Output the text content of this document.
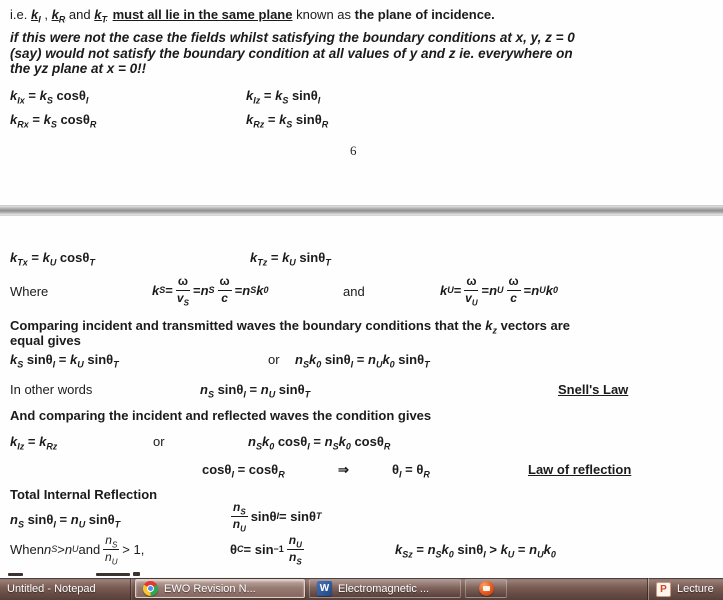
i.e. $k_I$ , $k_R$ and $k_T$ must all lie in the same plane known as the plane of incidence.
if this were not the case the fields whilst satisfying the boundary conditions at x, y, z = 0
(say) would not satisfy the boundary condition at all values of y and z ie. everywhere on
the yz plane at x = 0!!
$k_{Ix} = k_S$ cosθ$_I$	$k_{Iz} = k_S$ sinθ$_I$
$k_{Rx} = k_S$ cosθ$_R$	$k_{Rz} = k_S$ sinθ$_R$
6
$k_{Tx} = k_U$ cosθ$_T$	$k_{Tz} = k_U$ sinθ$_T$
Where	k $S = \frac{\omega}{v_S} = n$ S $\frac{\omega}{c} = n$ S k 0	and	k $U = \frac{\omega}{v_U} = n$ U $\frac{\omega}{c} = n$ U k 0
Comparing incident and transmitted waves the boundary conditions that the $k_z$ vectors are
equal gives
$k_S$ $\sin\theta_I = k_U$ sinθ$_T$	or $n_Sk_0$ $\sin\theta_I = n_Uk_0$ sinθ$_T$
In other words	$n_S$ $\sin\theta_I = n_U$ sinθ$_T$	Snell's Law
And comparing the incident and reflected waves the condition gives
$k_{Iz} = k_{Rz}$	or	$n_Sk_0$ $\cos\theta_I = n_Sk_0$ cosθ$_R$
cosθ$_I$ = cosθ$_R$	⇒	$\theta_I = \theta_R$	Law of reflection
Total Internal Reflection
$n_S$ $\sin\theta_I = n_U$ sinθ$_T$	$\frac{n_S}{n_U}$ sinθ I = sinθ T
When n S > n U and $\frac{n_S}{n_U} > 1$,	θ $C = \sin -1 \frac{n_U}{n_S}$	$k_{Sz} = n_Sk_0$ $\sin\theta_I > k_U = n_Uk_0$
Untitled - Notepad	EWO Revision N...	W Electromagnetic ...	P Lecture
